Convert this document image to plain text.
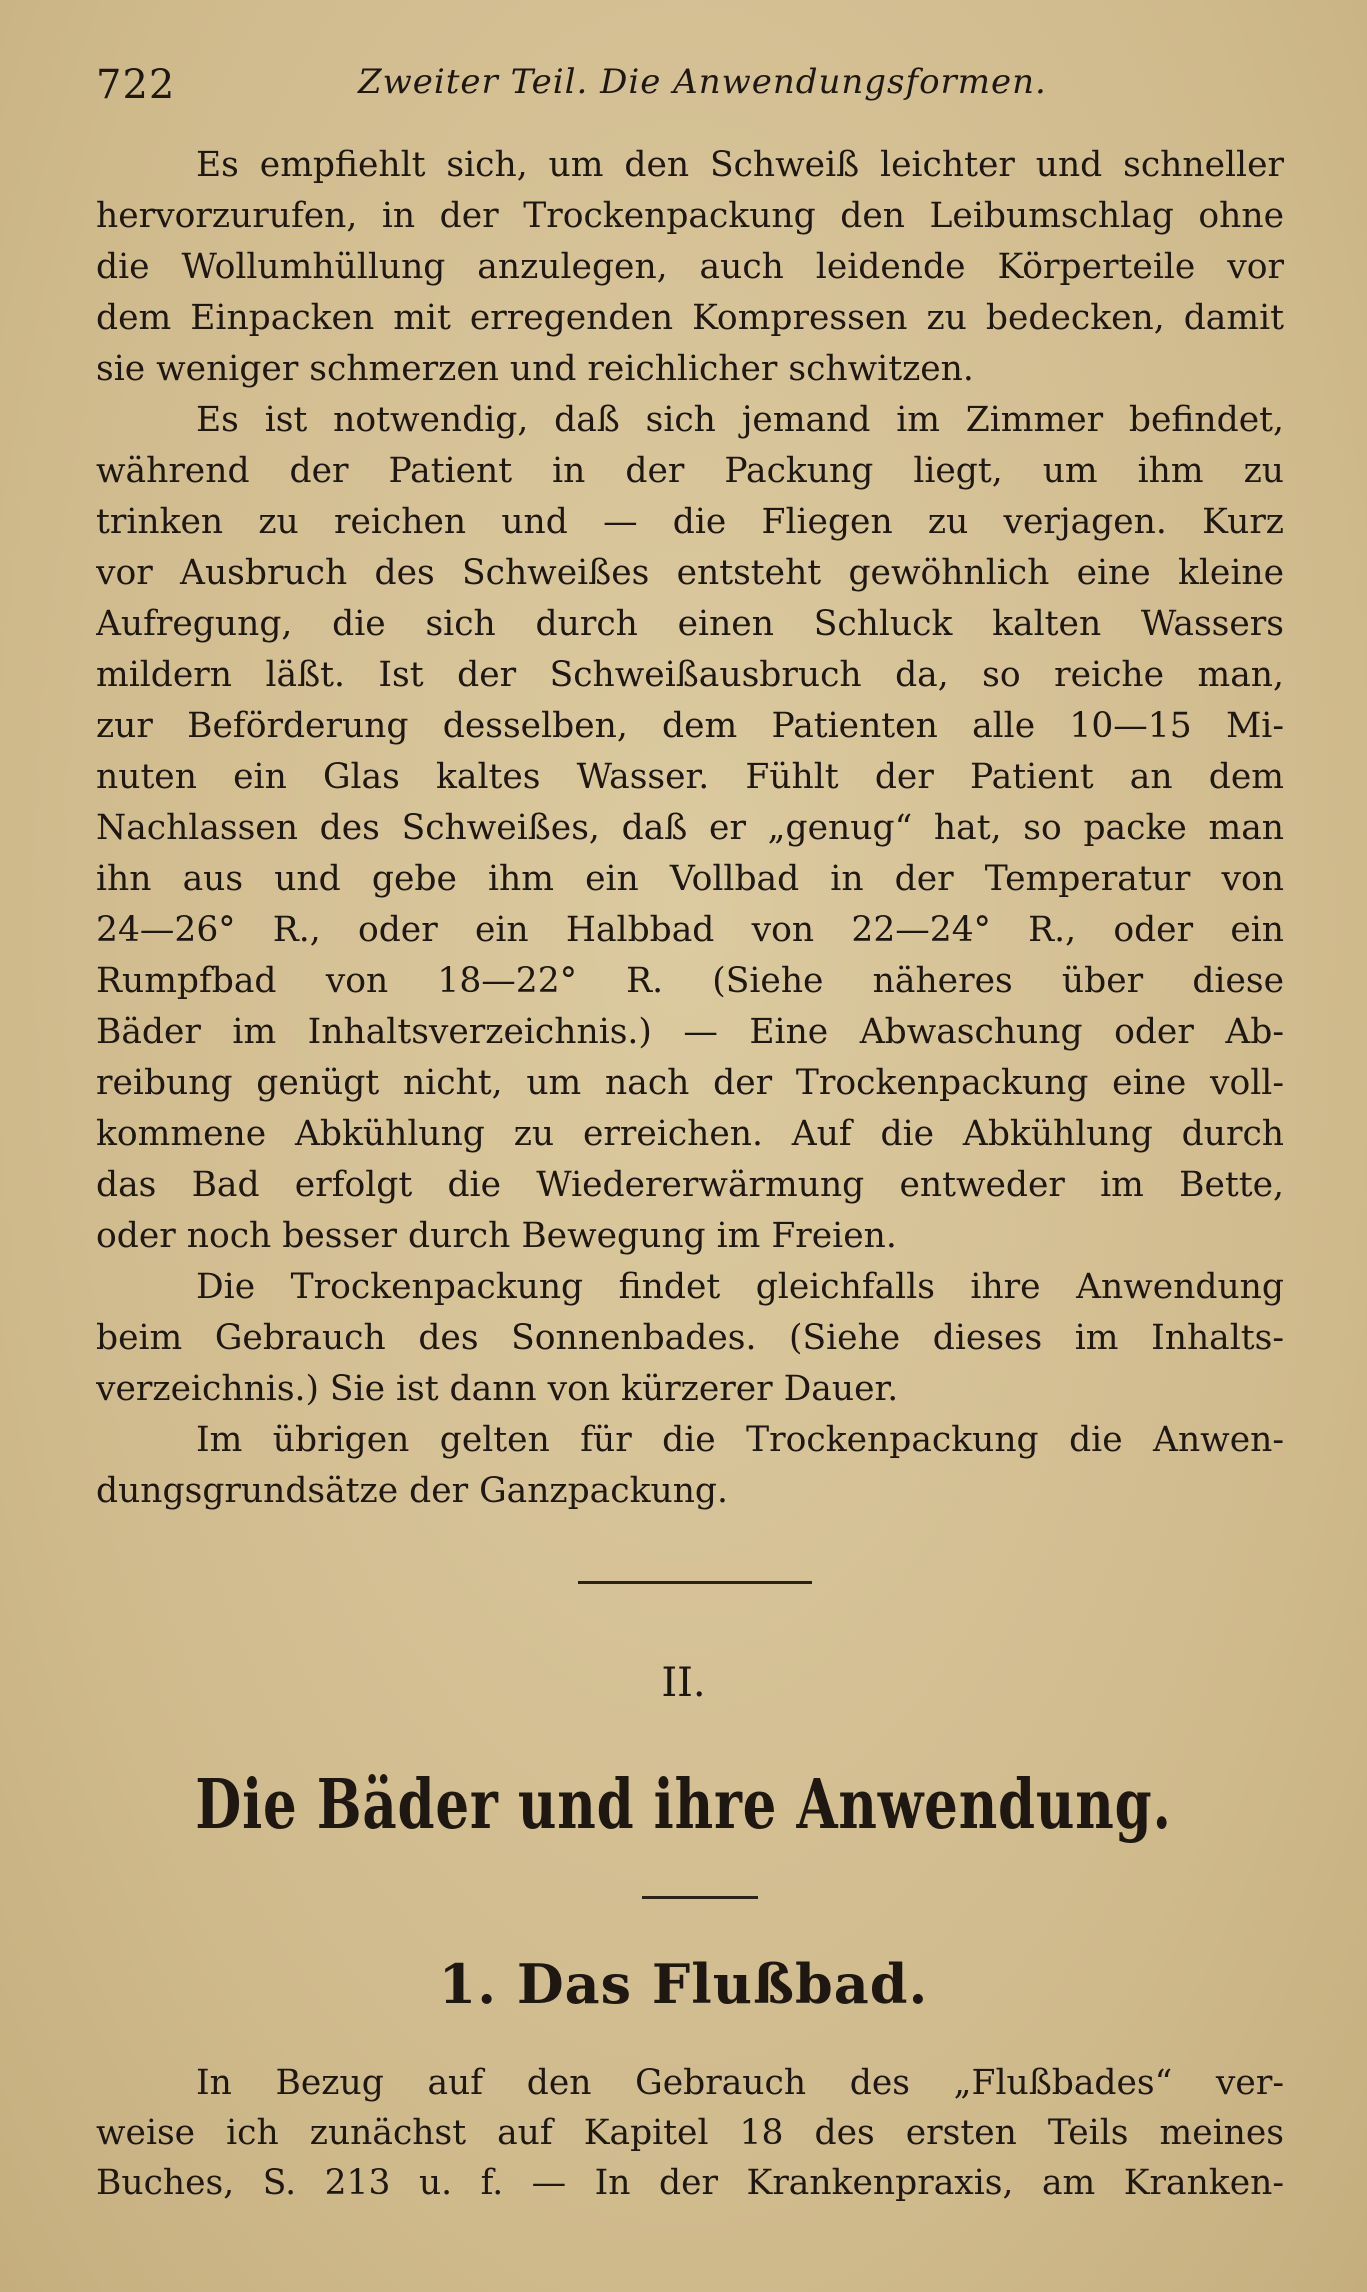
722	Zweiter Teil. Die Anwendungsformen.
Es empfiehlt sich, um den Schweiß leichter und schneller
hervorzurufen, in der Trockenpackung den Leibumschlag ohne
die Wollumhüllung anzulegen, auch leidende Körperteile vor
dem Einpacken mit erregenden Kompressen zu bedecken, damit
sie weniger schmerzen und reichlicher schwitzen.
Es ist notwendig, daß sich jemand im Zimmer befindet,
während der Patient in der Packung liegt, um ihm zu
trinken zu reichen und — die Fliegen zu verjagen. Kurz
vor Ausbruch des Schweißes entsteht gewöhnlich eine kleine
Aufregung, die sich durch einen Schluck kalten Wassers
mildern läßt. Ist der Schweißausbruch da, so reiche man,
zur Beförderung desselben, dem Patienten alle 10—15 Mi-
nuten ein Glas kaltes Wasser. Fühlt der Patient an dem
Nachlassen des Schweißes, daß er „genug“ hat, so packe man
ihn aus und gebe ihm ein Vollbad in der Temperatur von
24—26° R., oder ein Halbbad von 22—24° R., oder ein
Rumpfbad von 18—22° R. (Siehe näheres über diese
Bäder im Inhaltsverzeichnis.) — Eine Abwaschung oder Ab-
reibung genügt nicht, um nach der Trockenpackung eine voll-
kommene Abkühlung zu erreichen. Auf die Abkühlung durch
das Bad erfolgt die Wiedererwärmung entweder im Bette,
oder noch besser durch Bewegung im Freien.
Die Trockenpackung findet gleichfalls ihre Anwendung
beim Gebrauch des Sonnenbades. (Siehe dieses im Inhalts-
verzeichnis.) Sie ist dann von kürzerer Dauer.
Im übrigen gelten für die Trockenpackung die Anwen-
dungsgrundsätze der Ganzpackung.
II.
Die Bäder und ihre Anwendung.
1. Das Flußbad.
In Bezug auf den Gebrauch des „Flußbades“ ver-
weise ich zunächst auf Kapitel 18 des ersten Teils meines
Buches, S. 213 u. f. — In der Krankenpraxis, am Kranken-
